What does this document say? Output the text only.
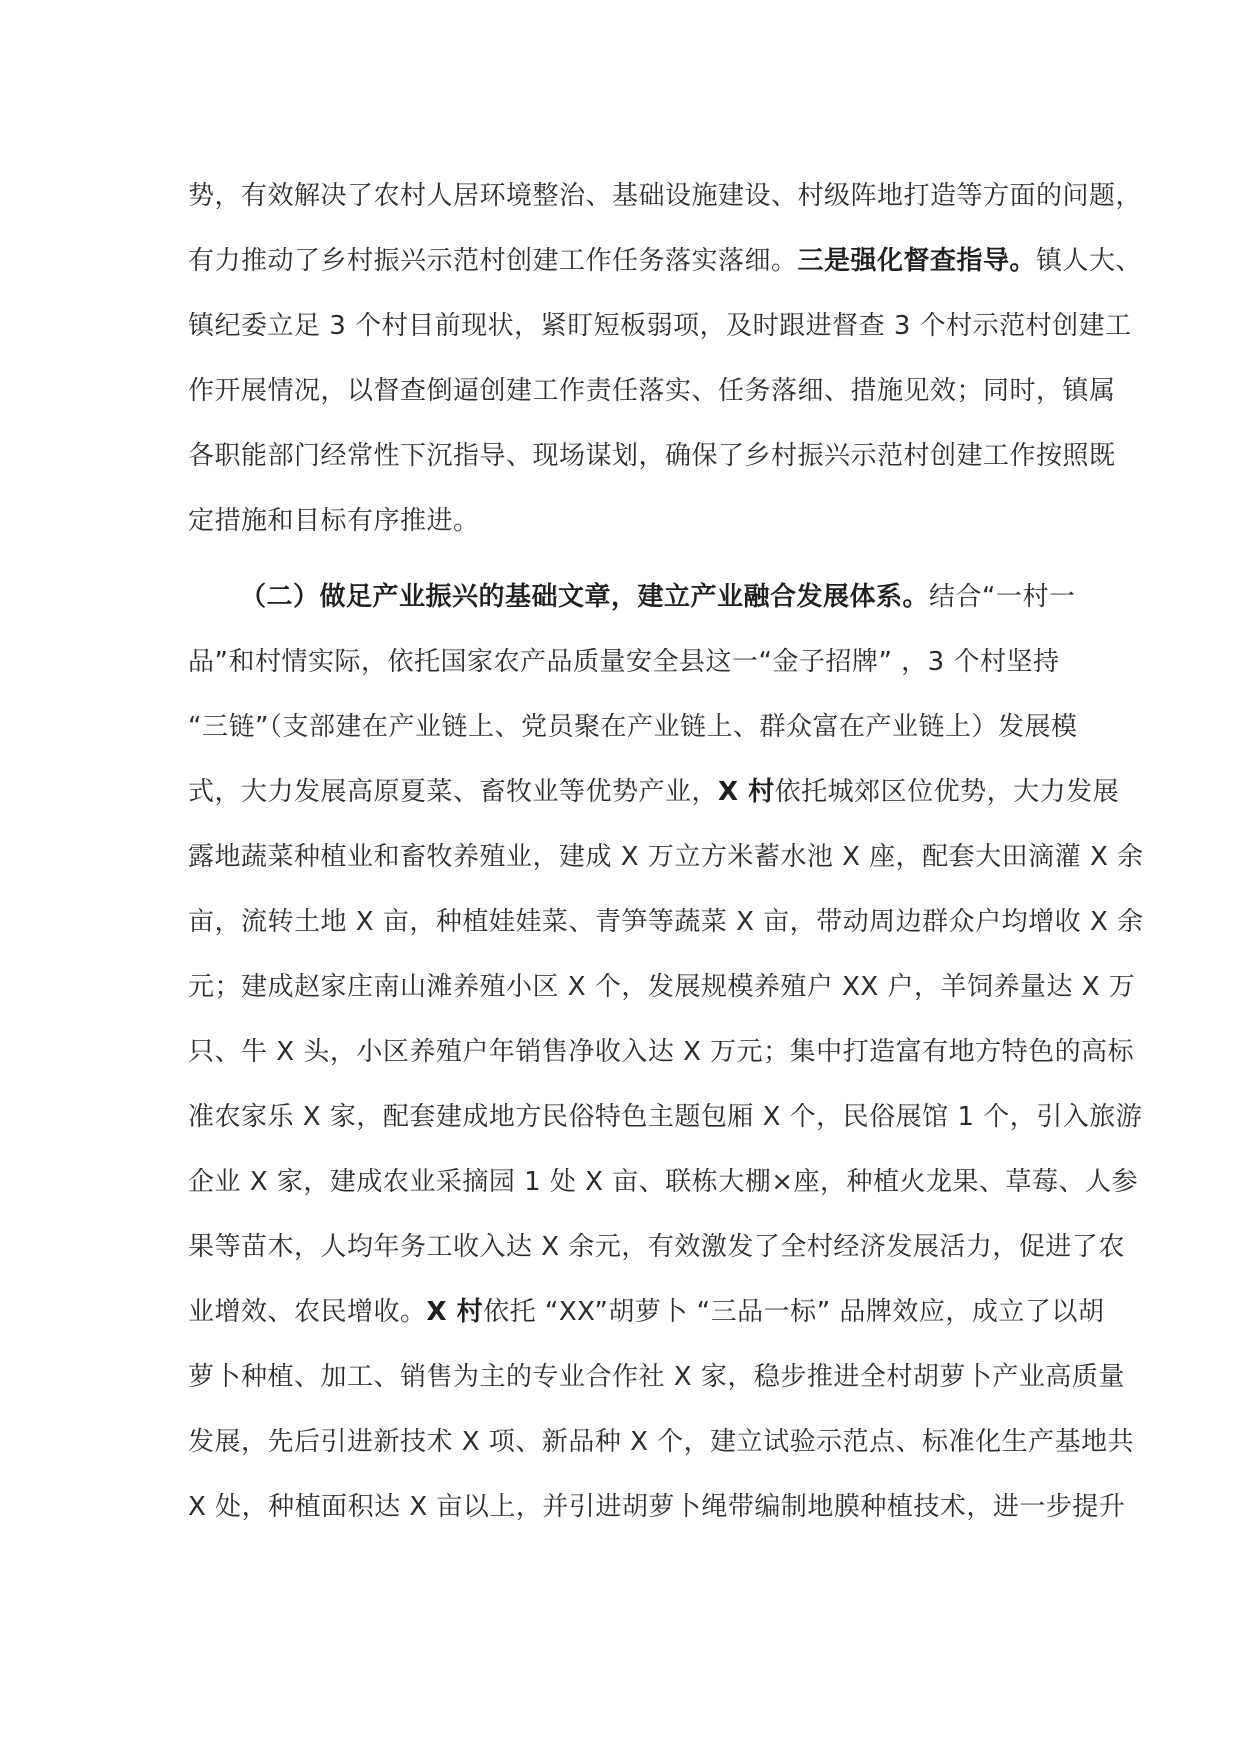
势，有效解决了农村人居环境整治、基础设施建设、村级阵地打造等方面的问题，
有力推动了乡村振兴示范村创建工作任务落实落细。三是强化督查指导。镇人大、
镇纪委立足 3 个村目前现状，紧盯短板弱项，及时跟进督查 3 个村示范村创建工
作开展情况，以督查倒逼创建工作责任落实、任务落细、措施见效；同时，镇属
各职能部门经常性下沉指导、现场谋划，确保了乡村振兴示范村创建工作按照既
定措施和目标有序推进。

（二）做足产业振兴的基础文章，建立产业融合发展体系。结合“一村一
品”和村情实际，依托国家农产品质量安全县这一“金子招牌” ，3 个村坚持
“三链”（支部建在产业链上、党员聚在产业链上、群众富在产业链上）发展模
式，大力发展高原夏菜、畜牧业等优势产业，X 村依托城郊区位优势，大力发展
露地蔬菜种植业和畜牧养殖业，建成 X 万立方米蓄水池 X 座，配套大田滴灌 X 余
亩，流转土地 X 亩，种植娃娃菜、青笋等蔬菜 X 亩，带动周边群众户均增收 X 余
元；建成赵家庄南山滩养殖小区 X 个，发展规模养殖户 XX 户，羊饲养量达 X 万
只、牛 X 头，小区养殖户年销售净收入达 X 万元；集中打造富有地方特色的高标
准农家乐 X 家，配套建成地方民俗特色主题包厢 X 个，民俗展馆 1 个，引入旅游
企业 X 家，建成农业采摘园 1 处 X 亩、联栋大棚×座，种植火龙果、草莓、人参
果等苗木，人均年务工收入达 X 余元，有效激发了全村经济发展活力，促进了农
业增效、农民增收。X 村依托 “XX”胡萝卜 “三品一标” 品牌效应，成立了以胡
萝卜种植、加工、销售为主的专业合作社 X 家，稳步推进全村胡萝卜产业高质量
发展，先后引进新技术 X 项、新品种 X 个，建立试验示范点、标准化生产基地共
X 处，种植面积达 X 亩以上，并引进胡萝卜绳带编制地膜种植技术，进一步提升
